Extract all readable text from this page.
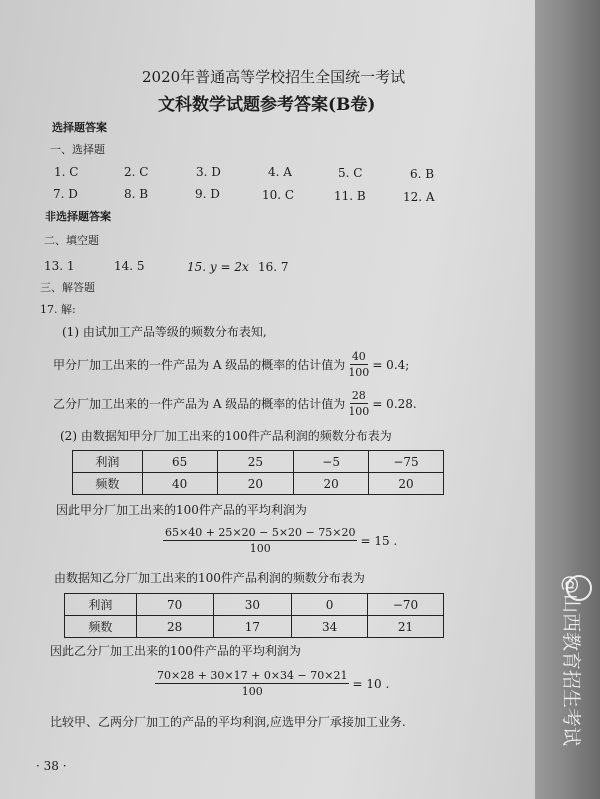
2020年普通高等学校招生全国统一考试
文科数学试题参考答案(B卷)
选择题答案
一、选择题
1. C	2. C	3. D	4. A	5. C	6. B
7. D	8. B	9. D	10. C	11. B	12. A
非选择题答案
二、填空题
13. 1	14. 5	15. y = 2x 16. 7
三、解答题
17. 解:
(1) 由试加工产品等级的频数分布表知,
甲分厂加工出来的一件产品为 A 级品的概率的估计值为 $\frac{40}{100} = 0.4$;
乙分厂加工出来的一件产品为 A 级品的概率的估计值为 $\frac{28}{100} = 0.28$.
(2) 由数据知甲分厂加工出来的100件产品利润的频数分布表为
利润	65	25	−5	−75
频数	40	20	20	20
因此甲分厂加工出来的100件产品的平均利润为
$\frac{65\times 40 + 25\times 20 - 5\times 20 - 75\times 20}{100} = 15$ .
由数据知乙分厂加工出来的100件产品利润的频数分布表为
利润	70	30	0	−70
频数	28	17	34	21
因此乙分厂加工出来的100件产品的平均利润为
$\frac{70\times 28 + 30\times 17 + 0\times 34 - 70\times 21}{100} = 10$ .
比较甲、乙两分厂加工的产品的平均利润,应选甲分厂承接加工业务.
· 38 ·
@山西教育招生考试
